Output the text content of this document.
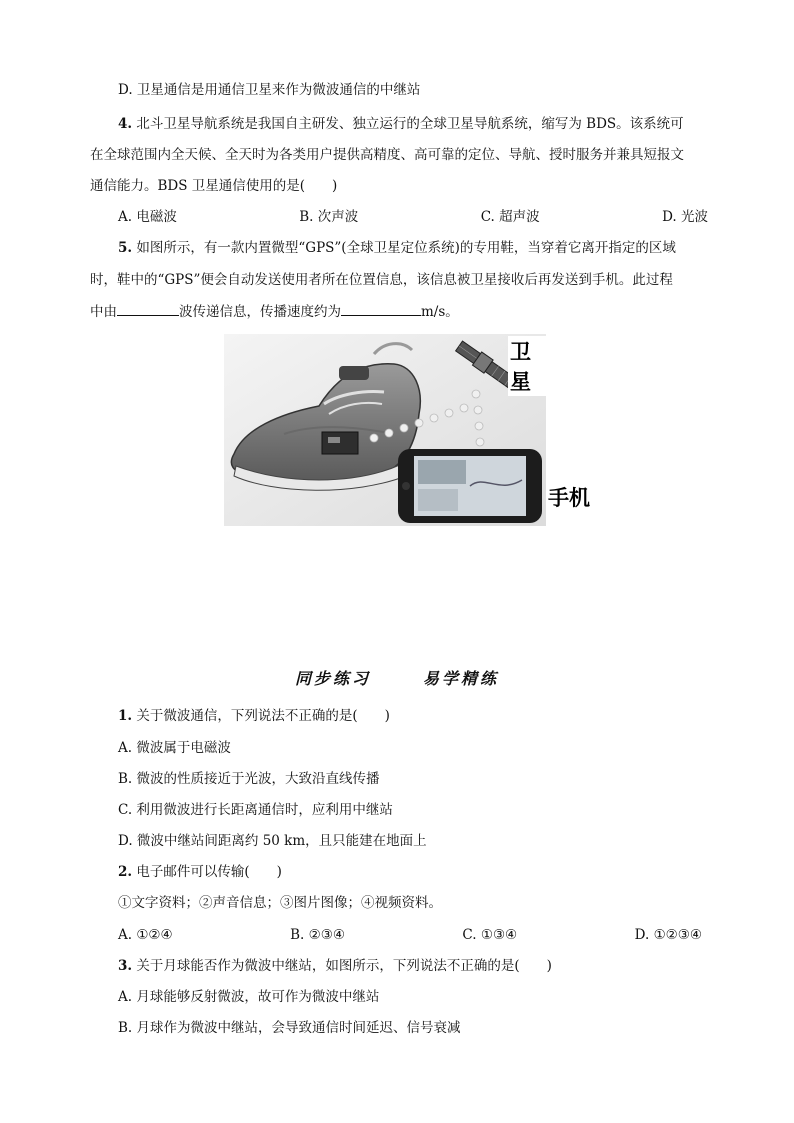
D. 卫星通信是用通信卫星来作为微波通信的中继站
4. 北斗卫星导航系统是我国自主研发、独立运行的全球卫星导航系统，缩写为 BDS。该系统可
在全球范围内全天候、全天时为各类用户提供高精度、高可靠的定位、导航、授时服务并兼具短报文
通信能力。BDS 卫星通信使用的是(　　)
A. 电磁波	B. 次声波	C. 超声波	D. 光波
5. 如图所示，有一款内置微型“GPS”(全球卫星定位系统)的专用鞋，当穿着它离开指定的区域
时，鞋中的“GPS”便会自动发送使用者所在位置信息，该信息被卫星接收后再发送到手机。此过程
中由	波传递信息，传播速度约为	m/s。
卫星
手机
同步练习	易学精练
1. 关于微波通信，下列说法不正确的是(　　)
A. 微波属于电磁波
B. 微波的性质接近于光波，大致沿直线传播
C. 利用微波进行长距离通信时，应利用中继站
D. 微波中继站间距离约 50 km，且只能建在地面上
2. 电子邮件可以传输(　　)
①文字资料；②声音信息；③图片图像；④视频资料。
A. ①②④	B. ②③④	C. ①③④	D. ①②③④
3. 关于月球能否作为微波中继站，如图所示，下列说法不正确的是(　　)
A. 月球能够反射微波，故可作为微波中继站
B. 月球作为微波中继站，会导致通信时间延迟、信号衰减
